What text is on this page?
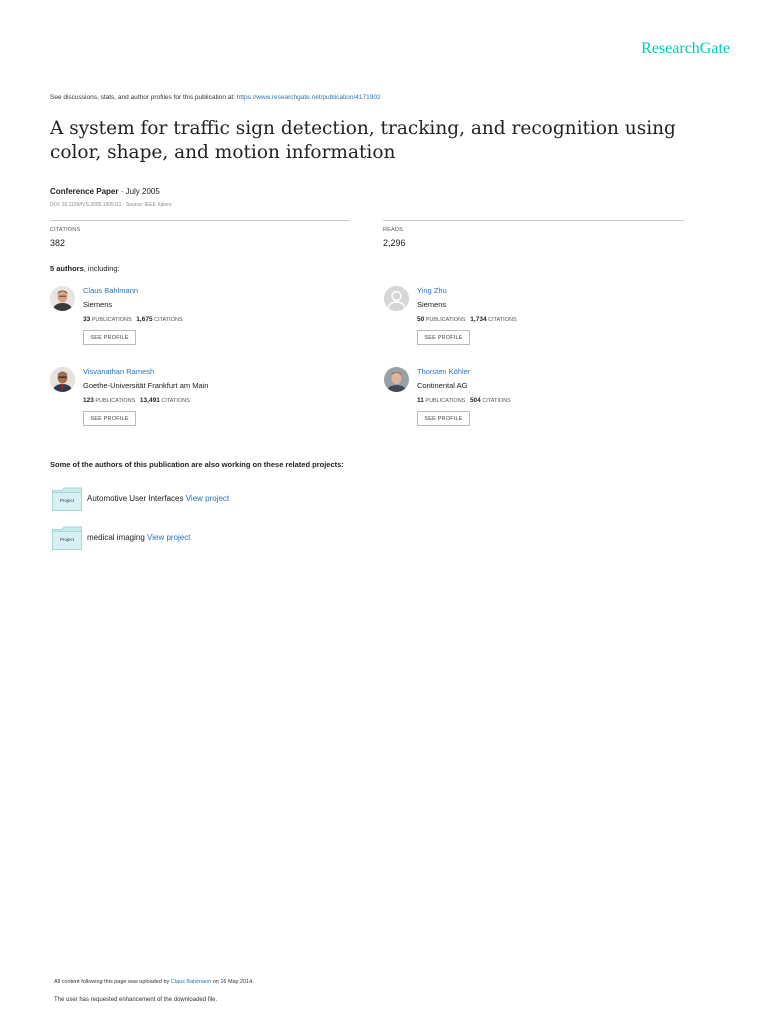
ResearchGate
See discussions, stats, and author profiles for this publication at: https://www.researchgate.net/publication/4171902
A system for traffic sign detection, tracking, and recognition using color, shape, and motion information
Conference Paper · July 2005
DOI: 10.1109/IVS.2005.1505111 · Source: IEEE Xplore
CITATIONS
382
READS
2,296
5 authors, including:
Claus Bahlmann
Siemens
33 PUBLICATIONS 1,675 CITATIONS
SEE PROFILE
Ying Zhu
Siemens
50 PUBLICATIONS 1,734 CITATIONS
SEE PROFILE
Visvanathan Ramesh
Goethe-Universität Frankfurt am Main
123 PUBLICATIONS 13,491 CITATIONS
SEE PROFILE
Thorsten Köhler
Continental AG
11 PUBLICATIONS 504 CITATIONS
SEE PROFILE
Some of the authors of this publication are also working on these related projects:
Project	Automotive User Interfaces View project
Project	medical imaging View project
All content following this page was uploaded by Claus Bahlmann on 16 May 2014.
The user has requested enhancement of the downloaded file.
